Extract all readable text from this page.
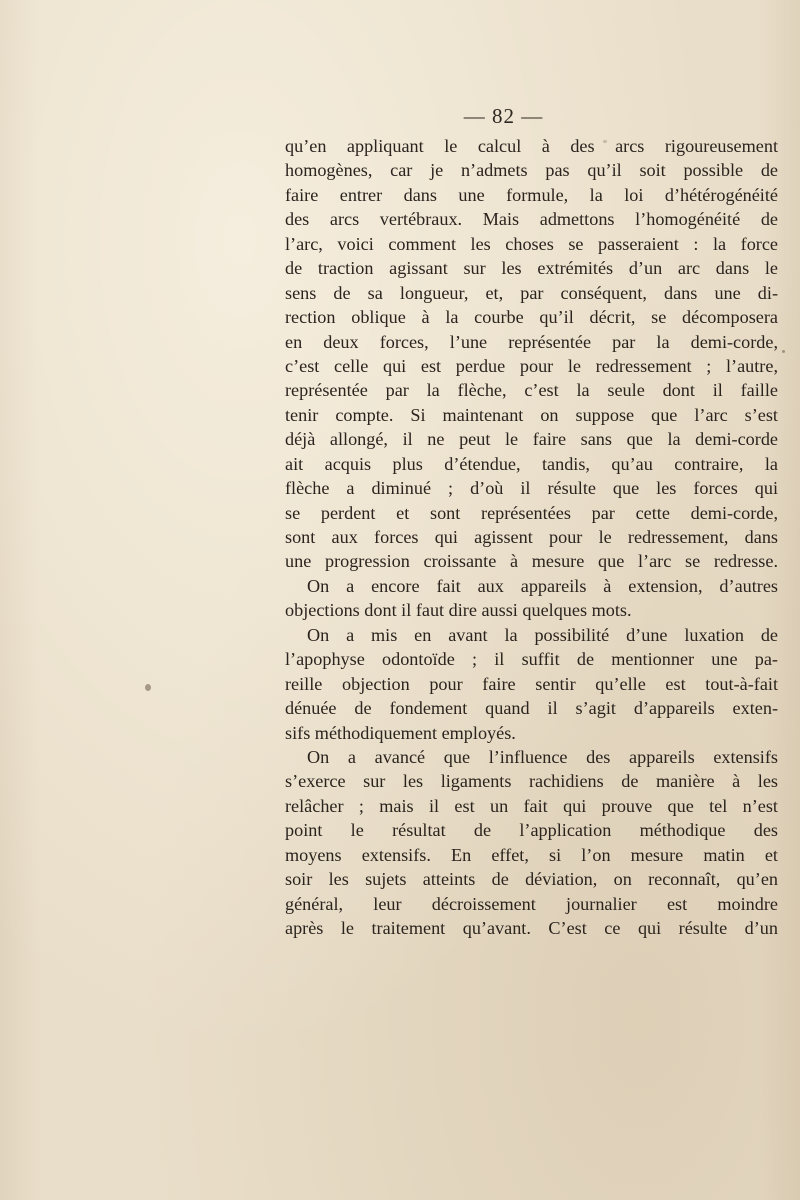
— 82 —
qu’en appliquant le calcul à des arcs rigoureusement
homogènes, car je n’admets pas qu’il soit possible de
faire entrer dans une formule, la loi d’hétérogénéité
des arcs vertébraux. Mais admettons l’homogénéité de
l’arc, voici comment les choses se passeraient : la force
de traction agissant sur les extrémités d’un arc dans le
sens de sa longueur, et, par conséquent, dans une di-
rection oblique à la courbe qu’il décrit, se décomposera
en deux forces, l’une représentée par la demi-corde,
c’est celle qui est perdue pour le redressement ; l’autre,
représentée par la flèche, c’est la seule dont il faille
tenir compte. Si maintenant on suppose que l’arc s’est
déjà allongé, il ne peut le faire sans que la demi-corde
ait acquis plus d’étendue, tandis, qu’au contraire, la
flèche a diminué ; d’où il résulte que les forces qui
se perdent et sont représentées par cette demi-corde,
sont aux forces qui agissent pour le redressement, dans
une progression croissante à mesure que l’arc se redresse.
On a encore fait aux appareils à extension, d’autres
objections dont il faut dire aussi quelques mots.
On a mis en avant la possibilité d’une luxation de
l’apophyse odontoïde ; il suffit de mentionner une pa-
reille objection pour faire sentir qu’elle est tout-à-fait
dénuée de fondement quand il s’agit d’appareils exten-
sifs méthodiquement employés.
On a avancé que l’influence des appareils extensifs
s’exerce sur les ligaments rachidiens de manière à les
relâcher ; mais il est un fait qui prouve que tel n’est
point le résultat de l’application méthodique des
moyens extensifs. En effet, si l’on mesure matin et
soir les sujets atteints de déviation, on reconnaît, qu’en
général, leur décroissement journalier est moindre
après le traitement qu’avant. C’est ce qui résulte d’un
